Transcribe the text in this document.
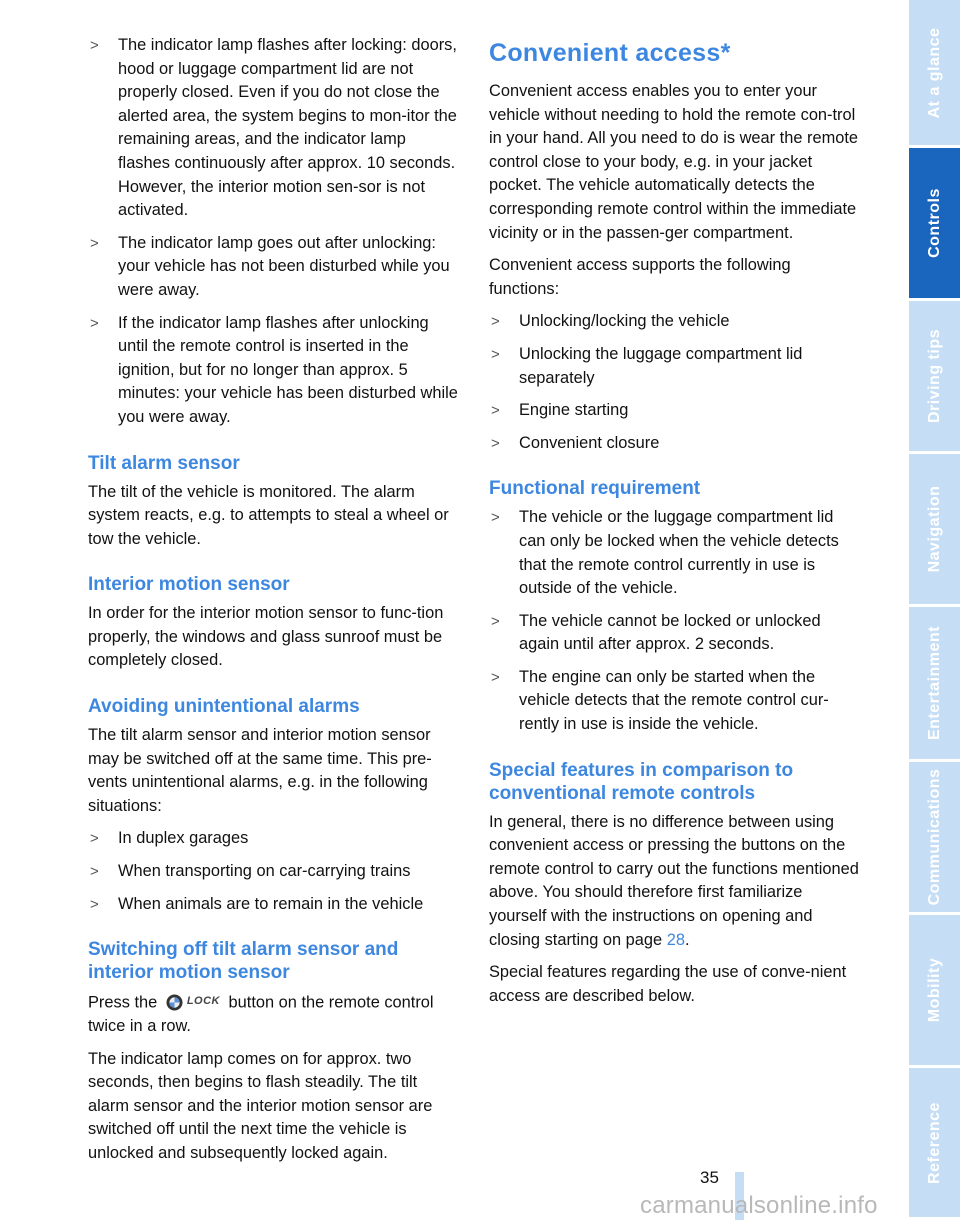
> The indicator lamp flashes after locking: doors, hood or luggage compartment lid are not properly closed. Even if you do not close the alerted area, the system begins to mon-itor the remaining areas, and the indicator lamp flashes continuously after approx. 10 seconds. However, the interior motion sen-sor is not activated.
> The indicator lamp goes out after unlocking: your vehicle has not been disturbed while you were away.
> If the indicator lamp flashes after unlocking until the remote control is inserted in the ignition, but for no longer than approx. 5 minutes: your vehicle has been disturbed while you were away.
Tilt alarm sensor

The tilt of the vehicle is monitored. The alarm system reacts, e.g. to attempts to steal a wheel or tow the vehicle.

Interior motion sensor

In order for the interior motion sensor to func-tion properly, the windows and glass sunroof must be completely closed.

Avoiding unintentional alarms

The tilt alarm sensor and interior motion sensor may be switched off at the same time. This pre-vents unintentional alarms, e.g. in the following situations:

> In duplex garages
> When transporting on car-carrying trains
> When animals are to remain in the vehicle
Switching off tilt alarm sensor and interior motion sensor

Press the	LOCK button on the remote control twice in a row.

The indicator lamp comes on for approx. two seconds, then begins to flash steadily. The tilt alarm sensor and the interior motion sensor are switched off until the next time the vehicle is unlocked and subsequently locked again.

Convenient access*

Convenient access enables you to enter your vehicle without needing to hold the remote con-trol in your hand. All you need to do is wear the remote control close to your body, e.g. in your jacket pocket. The vehicle automatically detects the corresponding remote control within the immediate vicinity or in the passen-ger compartment.

Convenient access supports the following functions:

> Unlocking/locking the vehicle
> Unlocking the luggage compartment lid separately
> Engine starting
> Convenient closure
Functional requirement
> The vehicle or the luggage compartment lid can only be locked when the vehicle detects that the remote control currently in use is outside of the vehicle.
> The vehicle cannot be locked or unlocked again until after approx. 2 seconds.
> The engine can only be started when the vehicle detects that the remote control cur-rently in use is inside the vehicle.
Special features in comparison to conventional remote controls

In general, there is no difference between using convenient access or pressing the buttons on the remote control to carry out the functions mentioned above. You should therefore first familiarize yourself with the instructions on opening and closing starting on page 28.

Special features regarding the use of conve-nient access are described below.

At a glance
Controls
Driving tips
Navigation
Entertainment
Communications
Mobility
Reference
35
carmanualsonline.info
